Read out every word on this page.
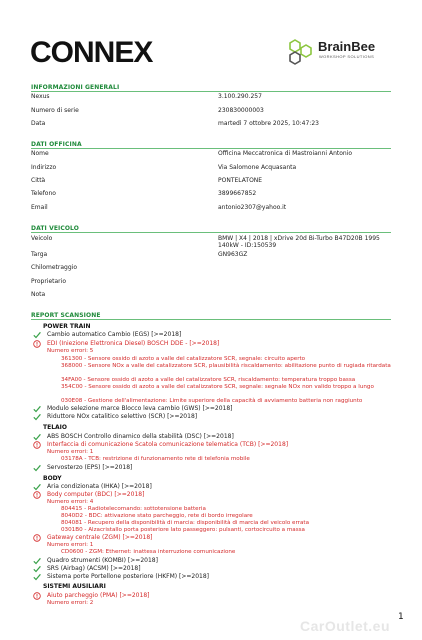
CONNEX	BrainBee
WORKSHOP SOLUTIONS
INFORMAZIONI GENERALI
Nexus	3.100.290.257
Numero di serie	230830000003
Data	martedì 7 ottobre 2025, 10:47:23
DATI OFFICINA
Nome	Officina Meccatronica di Mastroianni Antonio
Indirizzo	Via Salomone Acquasanta
Città	PONTELATONE
Telefono	3899667852
Email	antonio2307@yahoo.it
DATI VEICOLO
Veicolo	BMW | X4 | 2018 | xDrive 20d Bi-Turbo B47D20B 1995 140kW - ID:150539
Targa	GN963GZ
Chilometraggio
Proprietario
Nota
REPORT SCANSIONE
POWER TRAIN
Cambio automatico Cambio (EGS) [>=2018]
EDI (Iniezione Elettronica Diesel) BOSCH DDE - [>=2018]
Numero errori: 5
361300 - Sensore ossido di azoto a valle del catalizzatore SCR, segnale: circuito aperto
368000 - Sensore NOx a valle del catalizzatore SCR, plausibilità riscaldamento: abilitazione punto di rugiada ritardata
34FA00 - Sensore ossido di azoto a valle del catalizzatore SCR, riscaldamento: temperatura troppo bassa
354C00 - Sensore ossido di azoto a valle del catalizzatore SCR, segnale: segnale NOx non valido troppo a lungo
030E08 - Gestione dell'alimentazione: Limite superiore della capacità di avviamento batteria non raggiunto
Modulo selezione marce Blocco leva cambio (GWS) [>=2018]
Riduttore NOx catalitico selettivo (SCR) [>=2018]
TELAIO
ABS BOSCH Controllo dinamico della stabilità (DSC) [>=2018]
Interfaccia di comunicazione Scatola comunicazione telematica (TCB) [>=2018]
Numero errori: 1
03178A - TCB: restrizione di funzionamento rete di telefonia mobile
Servosterzo (EPS) [>=2018]
BODY
Aria condizionata (IHKA) [>=2018]
Body computer (BDC) [>=2018]
Numero errori: 4
804415 - Radiotelecomando: sottotensione batteria
8040D2 - BDC: attivazione stato parcheggio, rete di bordo irregolare
804081 - Recupero della disponibilità di marcia: disponibilità di marcia del veicolo errata
0301B0 - Alzacristallo porta posteriore lato passeggero: pulsanti, cortocircuito a massa
Gateway centrale (ZGM) [>=2018]
Numero errori: 1
CD0600 - ZGM: Ethernet: inattesa interruzione comunicazione
Quadro strumenti (KOMBI) [>=2018]
SRS (Airbag) (ACSM) [>=2018]
Sistema porte Portellone posteriore (HKFM) [>=2018]
SISTEMI AUSILIARI
Aiuto parcheggio (PMA) [>=2018]
Numero errori: 2
CarOutlet.eu
1
